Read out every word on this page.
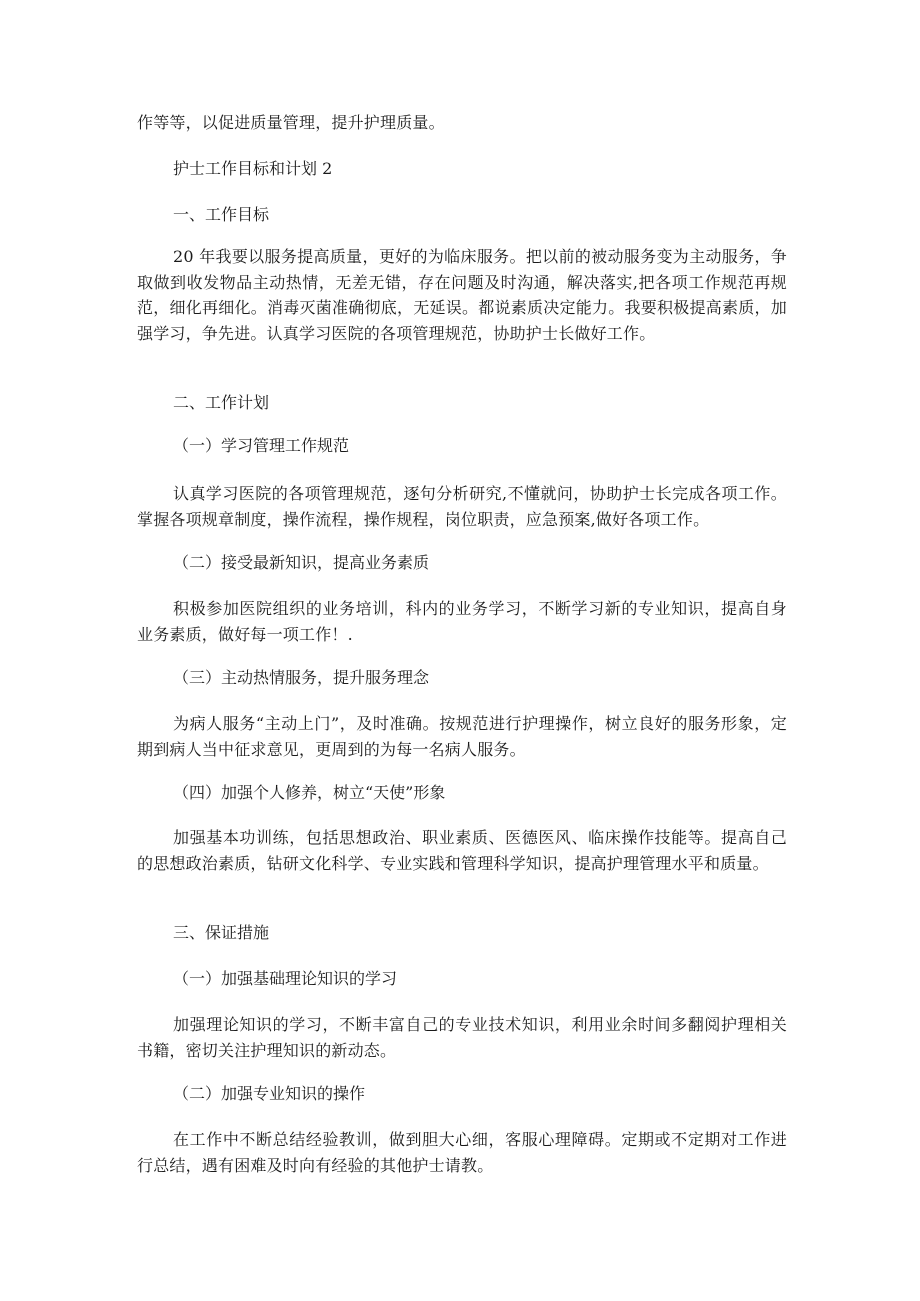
作等等，以促进质量管理，提升护理质量。

护士工作目标和计划 2

一、工作目标

20 年我要以服务提高质量，更好的为临床服务。把以前的被动服务变为主动服务，争取做到收发物品主动热情，无差无错，存在问题及时沟通，解决落实,把各项工作规范再规范，细化再细化。消毒灭菌准确彻底，无延误。都说素质决定能力。我要积极提高素质，加强学习，争先进。认真学习医院的各项管理规范，协助护士长做好工作。

二、工作计划

（一）学习管理工作规范

认真学习医院的各项管理规范，逐句分析研究,不懂就问，协助护士长完成各项工作。掌握各项规章制度，操作流程，操作规程，岗位职责，应急预案,做好各项工作。

（二）接受最新知识，提高业务素质

积极参加医院组织的业务培训，科内的业务学习，不断学习新的专业知识，提高自身业务素质，做好每一项工作！.

（三）主动热情服务，提升服务理念

为病人服务“主动上门”，及时准确。按规范进行护理操作，树立良好的服务形象，定期到病人当中征求意见，更周到的为每一名病人服务。

（四）加强个人修养，树立“天使”形象

加强基本功训练，包括思想政治、职业素质、医德医风、临床操作技能等。提高自己的思想政治素质，钻研文化科学、专业实践和管理科学知识，提高护理管理水平和质量。

三、保证措施

（一）加强基础理论知识的学习

加强理论知识的学习，不断丰富自己的专业技术知识，利用业余时间多翻阅护理相关书籍，密切关注护理知识的新动态。

（二）加强专业知识的操作

在工作中不断总结经验教训，做到胆大心细，客服心理障碍。定期或不定期对工作进行总结，遇有困难及时向有经验的其他护士请教。
